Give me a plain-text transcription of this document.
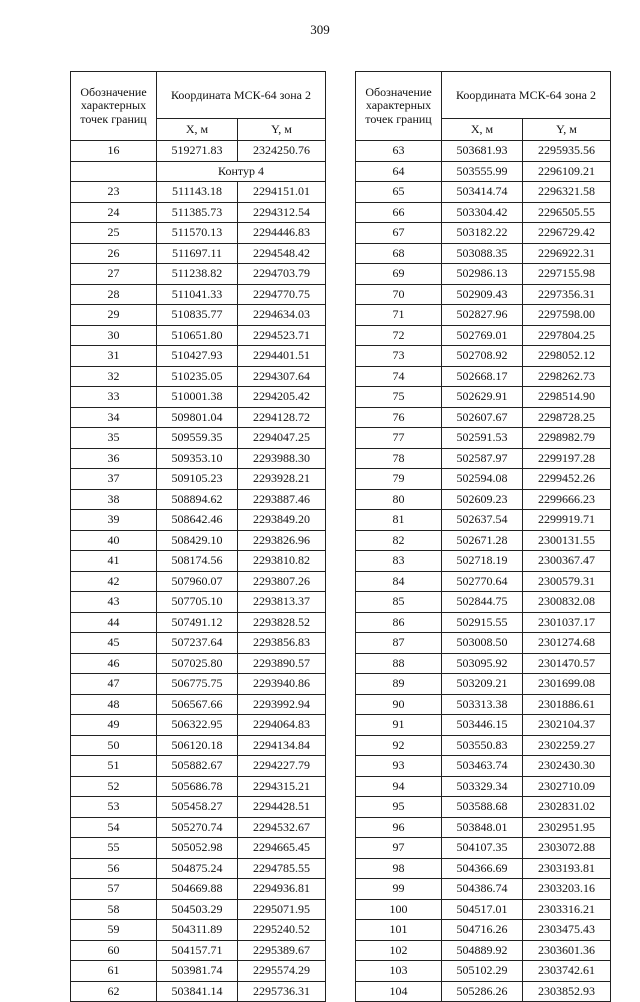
309
Обозначение характерных точек границ	Координата МСК-64 зона 2	
	X, м	Y, м
16	519271.83	2324250.76
	Контур 4	
23	511143.18	2294151.01
24	511385.73	2294312.54
25	511570.13	2294446.83
26	511697.11	2294548.42
27	511238.82	2294703.79
28	511041.33	2294770.75
29	510835.77	2294634.03
30	510651.80	2294523.71
31	510427.93	2294401.51
32	510235.05	2294307.64
33	510001.38	2294205.42
34	509801.04	2294128.72
35	509559.35	2294047.25
36	509353.10	2293988.30
37	509105.23	2293928.21
38	508894.62	2293887.46
39	508642.46	2293849.20
40	508429.10	2293826.96
41	508174.56	2293810.82
42	507960.07	2293807.26
43	507705.10	2293813.37
44	507491.12	2293828.52
45	507237.64	2293856.83
46	507025.80	2293890.57
47	506775.75	2293940.86
48	506567.66	2293992.94
49	506322.95	2294064.83
50	506120.18	2294134.84
51	505882.67	2294227.79
52	505686.78	2294315.21
53	505458.27	2294428.51
54	505270.74	2294532.67
55	505052.98	2294665.45
56	504875.24	2294785.55
57	504669.88	2294936.81
58	504503.29	2295071.95
59	504311.89	2295240.52
60	504157.71	2295389.67
61	503981.74	2295574.29
62	503841.14	2295736.31
Обозначение характерных точек границ	Координата МСК-64 зона 2	
	X, м	Y, м
63	503681.93	2295935.56
64	503555.99	2296109.21
65	503414.74	2296321.58
66	503304.42	2296505.55
67	503182.22	2296729.42
68	503088.35	2296922.31
69	502986.13	2297155.98
70	502909.43	2297356.31
71	502827.96	2297598.00
72	502769.01	2297804.25
73	502708.92	2298052.12
74	502668.17	2298262.73
75	502629.91	2298514.90
76	502607.67	2298728.25
77	502591.53	2298982.79
78	502587.97	2299197.28
79	502594.08	2299452.26
80	502609.23	2299666.23
81	502637.54	2299919.71
82	502671.28	2300131.55
83	502718.19	2300367.47
84	502770.64	2300579.31
85	502844.75	2300832.08
86	502915.55	2301037.17
87	503008.50	2301274.68
88	503095.92	2301470.57
89	503209.21	2301699.08
90	503313.38	2301886.61
91	503446.15	2302104.37
92	503550.83	2302259.27
93	503463.74	2302430.30
94	503329.34	2302710.09
95	503588.68	2302831.02
96	503848.01	2302951.95
97	504107.35	2303072.88
98	504366.69	2303193.81
99	504386.74	2303203.16
100	504517.01	2303316.21
101	504716.26	2303475.43
102	504889.92	2303601.36
103	505102.29	2303742.61
104	505286.26	2303852.93
